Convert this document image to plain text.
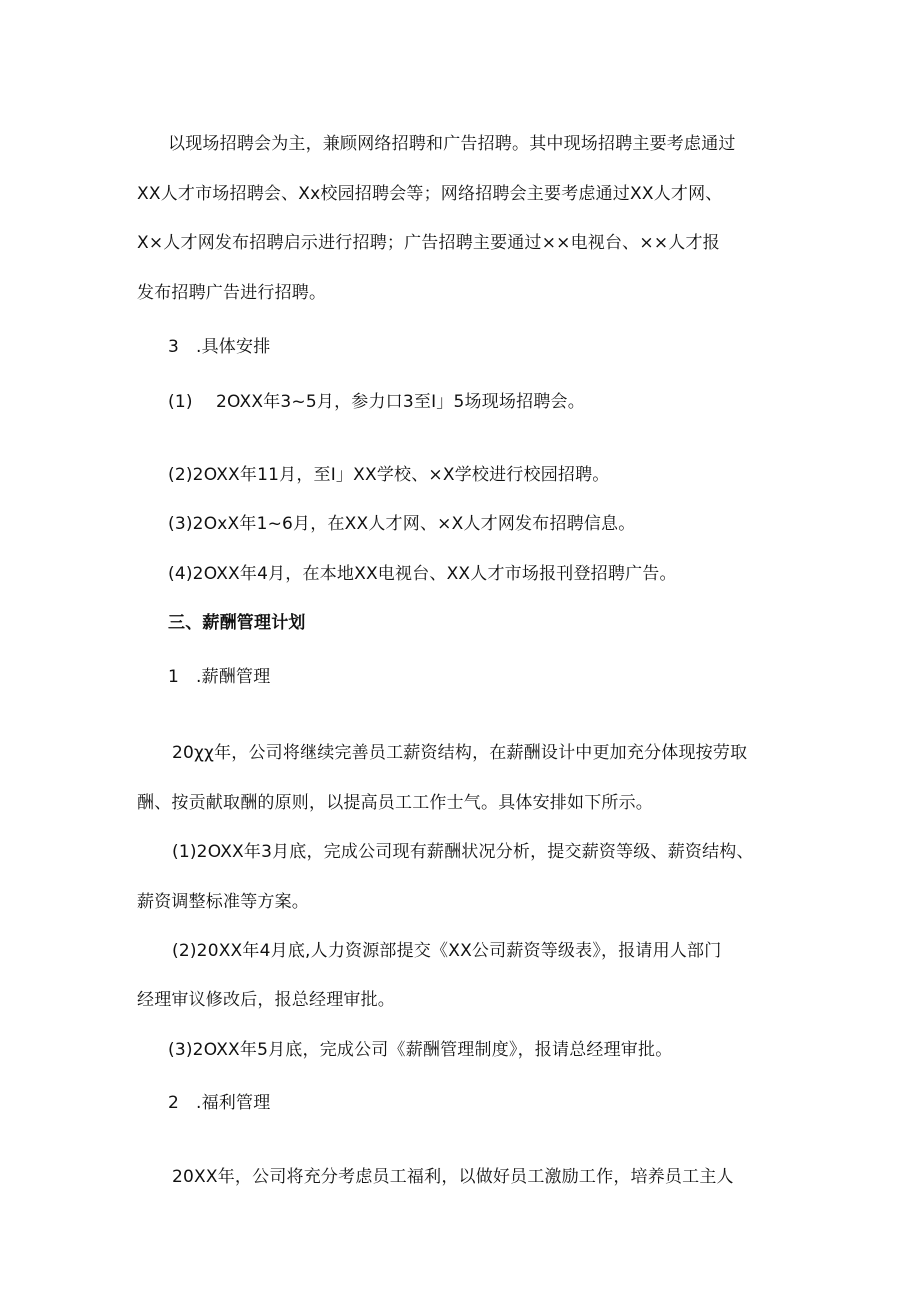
以现场招聘会为主，兼顾网络招聘和广告招聘。其中现场招聘主要考虑通过
XX人才市场招聘会、Xx校园招聘会等；网络招聘会主要考虑通过XX人才网、
X×人才网发布招聘启示进行招聘；广告招聘主要通过××电视台、××人才报
发布招聘广告进行招聘。
3 .具体安排
(1) 2OXX年3~5月，参力口3至I」5场现场招聘会。
(2)2OXX年11月，至I」XX学校、×X学校进行校园招聘。
(3)2OxX年1~6月，在XX人才网、×X人才网发布招聘信息。
(4)2OXX年4月，在本地XX电视台、XX人才市场报刊登招聘广告。
三、薪酬管理计划
1 .薪酬管理
20χχ年，公司将继续完善员工薪资结构，在薪酬设计中更加充分体现按劳取
酬、按贡献取酬的原则，以提高员工工作士气。具体安排如下所示。
(1)2OXX年3月底，完成公司现有薪酬状况分析，提交薪资等级、薪资结构、
薪资调整标准等方案。
(2)20XX年4月底,人力资源部提交《XX公司薪资等级表》，报请用人部门
经理审议修改后，报总经理审批。
(3)2OXX年5月底，完成公司《薪酬管理制度》，报请总经理审批。
2 .福利管理
20XX年，公司将充分考虑员工福利，以做好员工激励工作，培养员工主人
